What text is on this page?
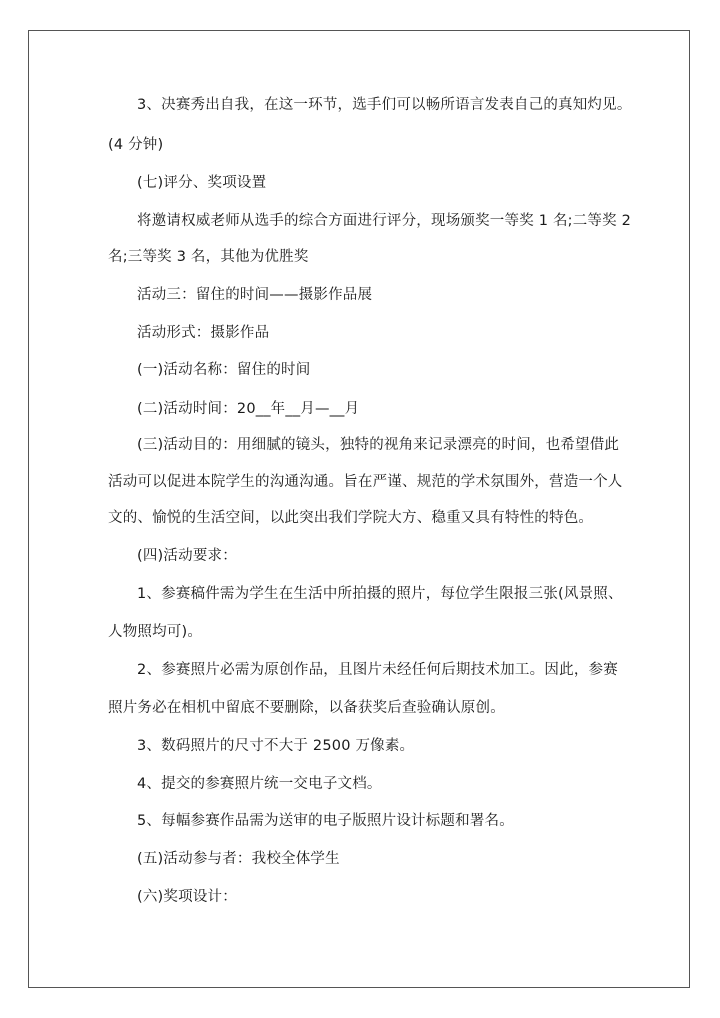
3、决赛秀出自我，在这一环节，选手们可以畅所语言发表自己的真知灼见。

(4 分钟)

(七)评分、奖项设置

将邀请权威老师从选手的综合方面进行评分，现场颁奖一等奖 1 名;二等奖 2

名;三等奖 3 名，其他为优胜奖

活动三：留住的时间——摄影作品展

活动形式：摄影作品

(一)活动名称：留住的时间

(二)活动时间：20__年__月—__月

(三)活动目的：用细腻的镜头，独特的视角来记录漂亮的时间，也希望借此

活动可以促进本院学生的沟通沟通。旨在严谨、规范的学术氛围外，营造一个人

文的、愉悦的生活空间，以此突出我们学院大方、稳重又具有特性的特色。

(四)活动要求：

1、参赛稿件需为学生在生活中所拍摄的照片，每位学生限报三张(风景照、

人物照均可)。

2、参赛照片必需为原创作品，且图片未经任何后期技术加工。因此，参赛

照片务必在相机中留底不要删除，以备获奖后查验确认原创。

3、数码照片的尺寸不大于 2500 万像素。

4、提交的参赛照片统一交电子文档。

5、每幅参赛作品需为送审的电子版照片设计标题和署名。

(五)活动参与者：我校全体学生

(六)奖项设计：
